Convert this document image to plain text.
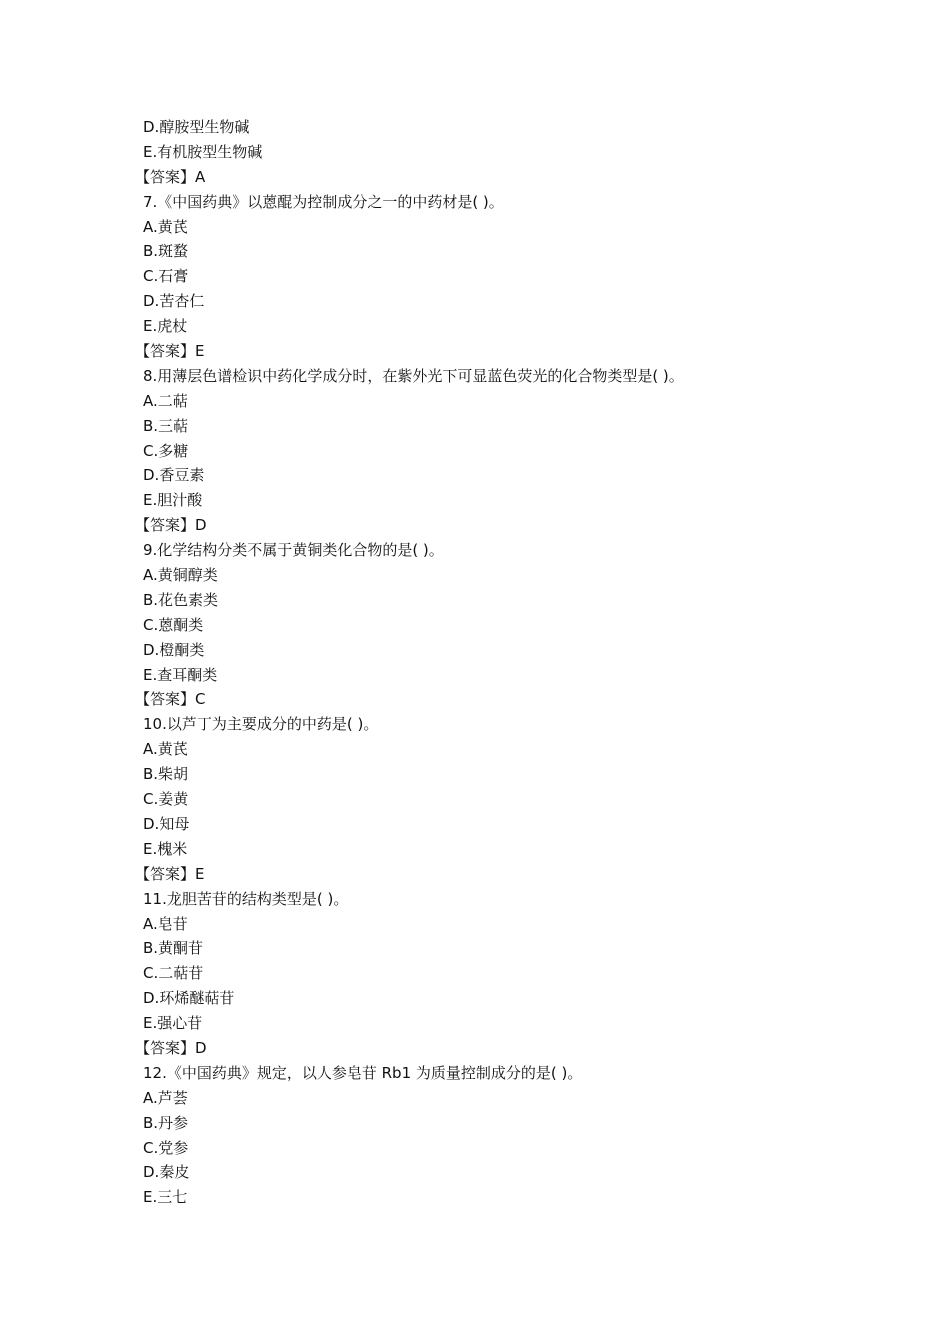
D.醇胺型生物碱
E.有机胺型生物碱
【答案】A
7.《中国药典》以蒽醌为控制成分之一的中药材是( )。
A.黄芪
B.斑蝥
C.石膏
D.苦杏仁
E.虎杖
【答案】E
8.用薄层色谱检识中药化学成分时，在紫外光下可显蓝色荧光的化合物类型是( )。
A.二萜
B.三萜
C.多糖
D.香豆素
E.胆汁酸
【答案】D
9.化学结构分类不属于黄铜类化合物的是( )。
A.黄铜醇类
B.花色素类
C.蒽酮类
D.橙酮类
E.查耳酮类
【答案】C
10.以芦丁为主要成分的中药是( )。
A.黄芪
B.柴胡
C.姜黄
D.知母
E.槐米
【答案】E
11.龙胆苦苷的结构类型是( )。
A.皂苷
B.黄酮苷
C.二萜苷
D.环烯醚萜苷
E.强心苷
【答案】D
12.《中国药典》规定，以人参皂苷 Rb1 为质量控制成分的是( )。
A.芦荟
B.丹参
C.党参
D.秦皮
E.三七
